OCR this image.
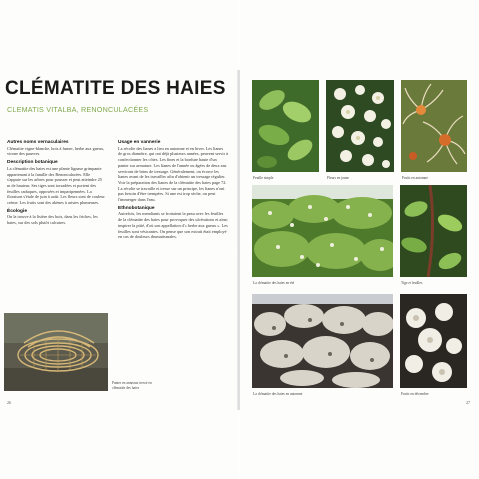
CLÉMATITE DES HAIES
CLEMATIS VITALBA, RENONCULACÉES
Autres noms vernaculaires

Clématite vigne-blanche, bois à fumer, herbe aux gueux, viorne des pauvres.

Description botanique

La clématite des haies est une plante lignase grimpante appartenant à la famille des Renonculacées. Elle s'appuie sur les arbres pour pousser et peut atteindre 25 m de hauteur. Ses tiges sont torsadées et portent des feuilles caduques, opposées et imparipennées. La floraison s'étale de juin à août. Les fleurs sont de couleur crème. Les fruits sont des akènes à aristes plumeuses.

Écologie

On la trouve à la lisière des bois, dans les friches, les haies, sur des sols plutôt calcaires.

Usage en vannerie

La récolte des lianes a lieu en automne et en hiver. Les lianes de gros diamètre, qui ont déjà plusieurs années, peuvent servir à confectionner les côtes. Les fines et la bordure haute d'un panier sur armature. Les lianes de l'année ou âgées de deux ans serviront de brins de tressage. Généralement, on écorce les lianes avant de les travailler afin d'obtenir un tressage régulier. Voir la préparation des lianes de la clématite des haies page 72. La récolte se travaille et tresse sur un principe, les lianes n'ont pas besoin d'être trempées. Si une est trop sèche, on peut l'immerger dans l'eau.

Ethnobotanique

Autrefois, les mendiants se frottaient la peau avec les feuilles de la clématite des haies pour provoquer des ulcérations et ainsi inspirer la pitié, d'où son appellation d'« herbe aux gueux ». Les feuilles sont vésicantes. On pense que son extrait était employé en cas de douleurs rhumatismales.

Panier en anneaux tressé en clématite des haies
26
Feuille simple	Fleurs en jaune	Fruits en automne
La clématite des haies en été	Tige et feuilles
La clématite des haies en automne	Fruits en décembre
27
